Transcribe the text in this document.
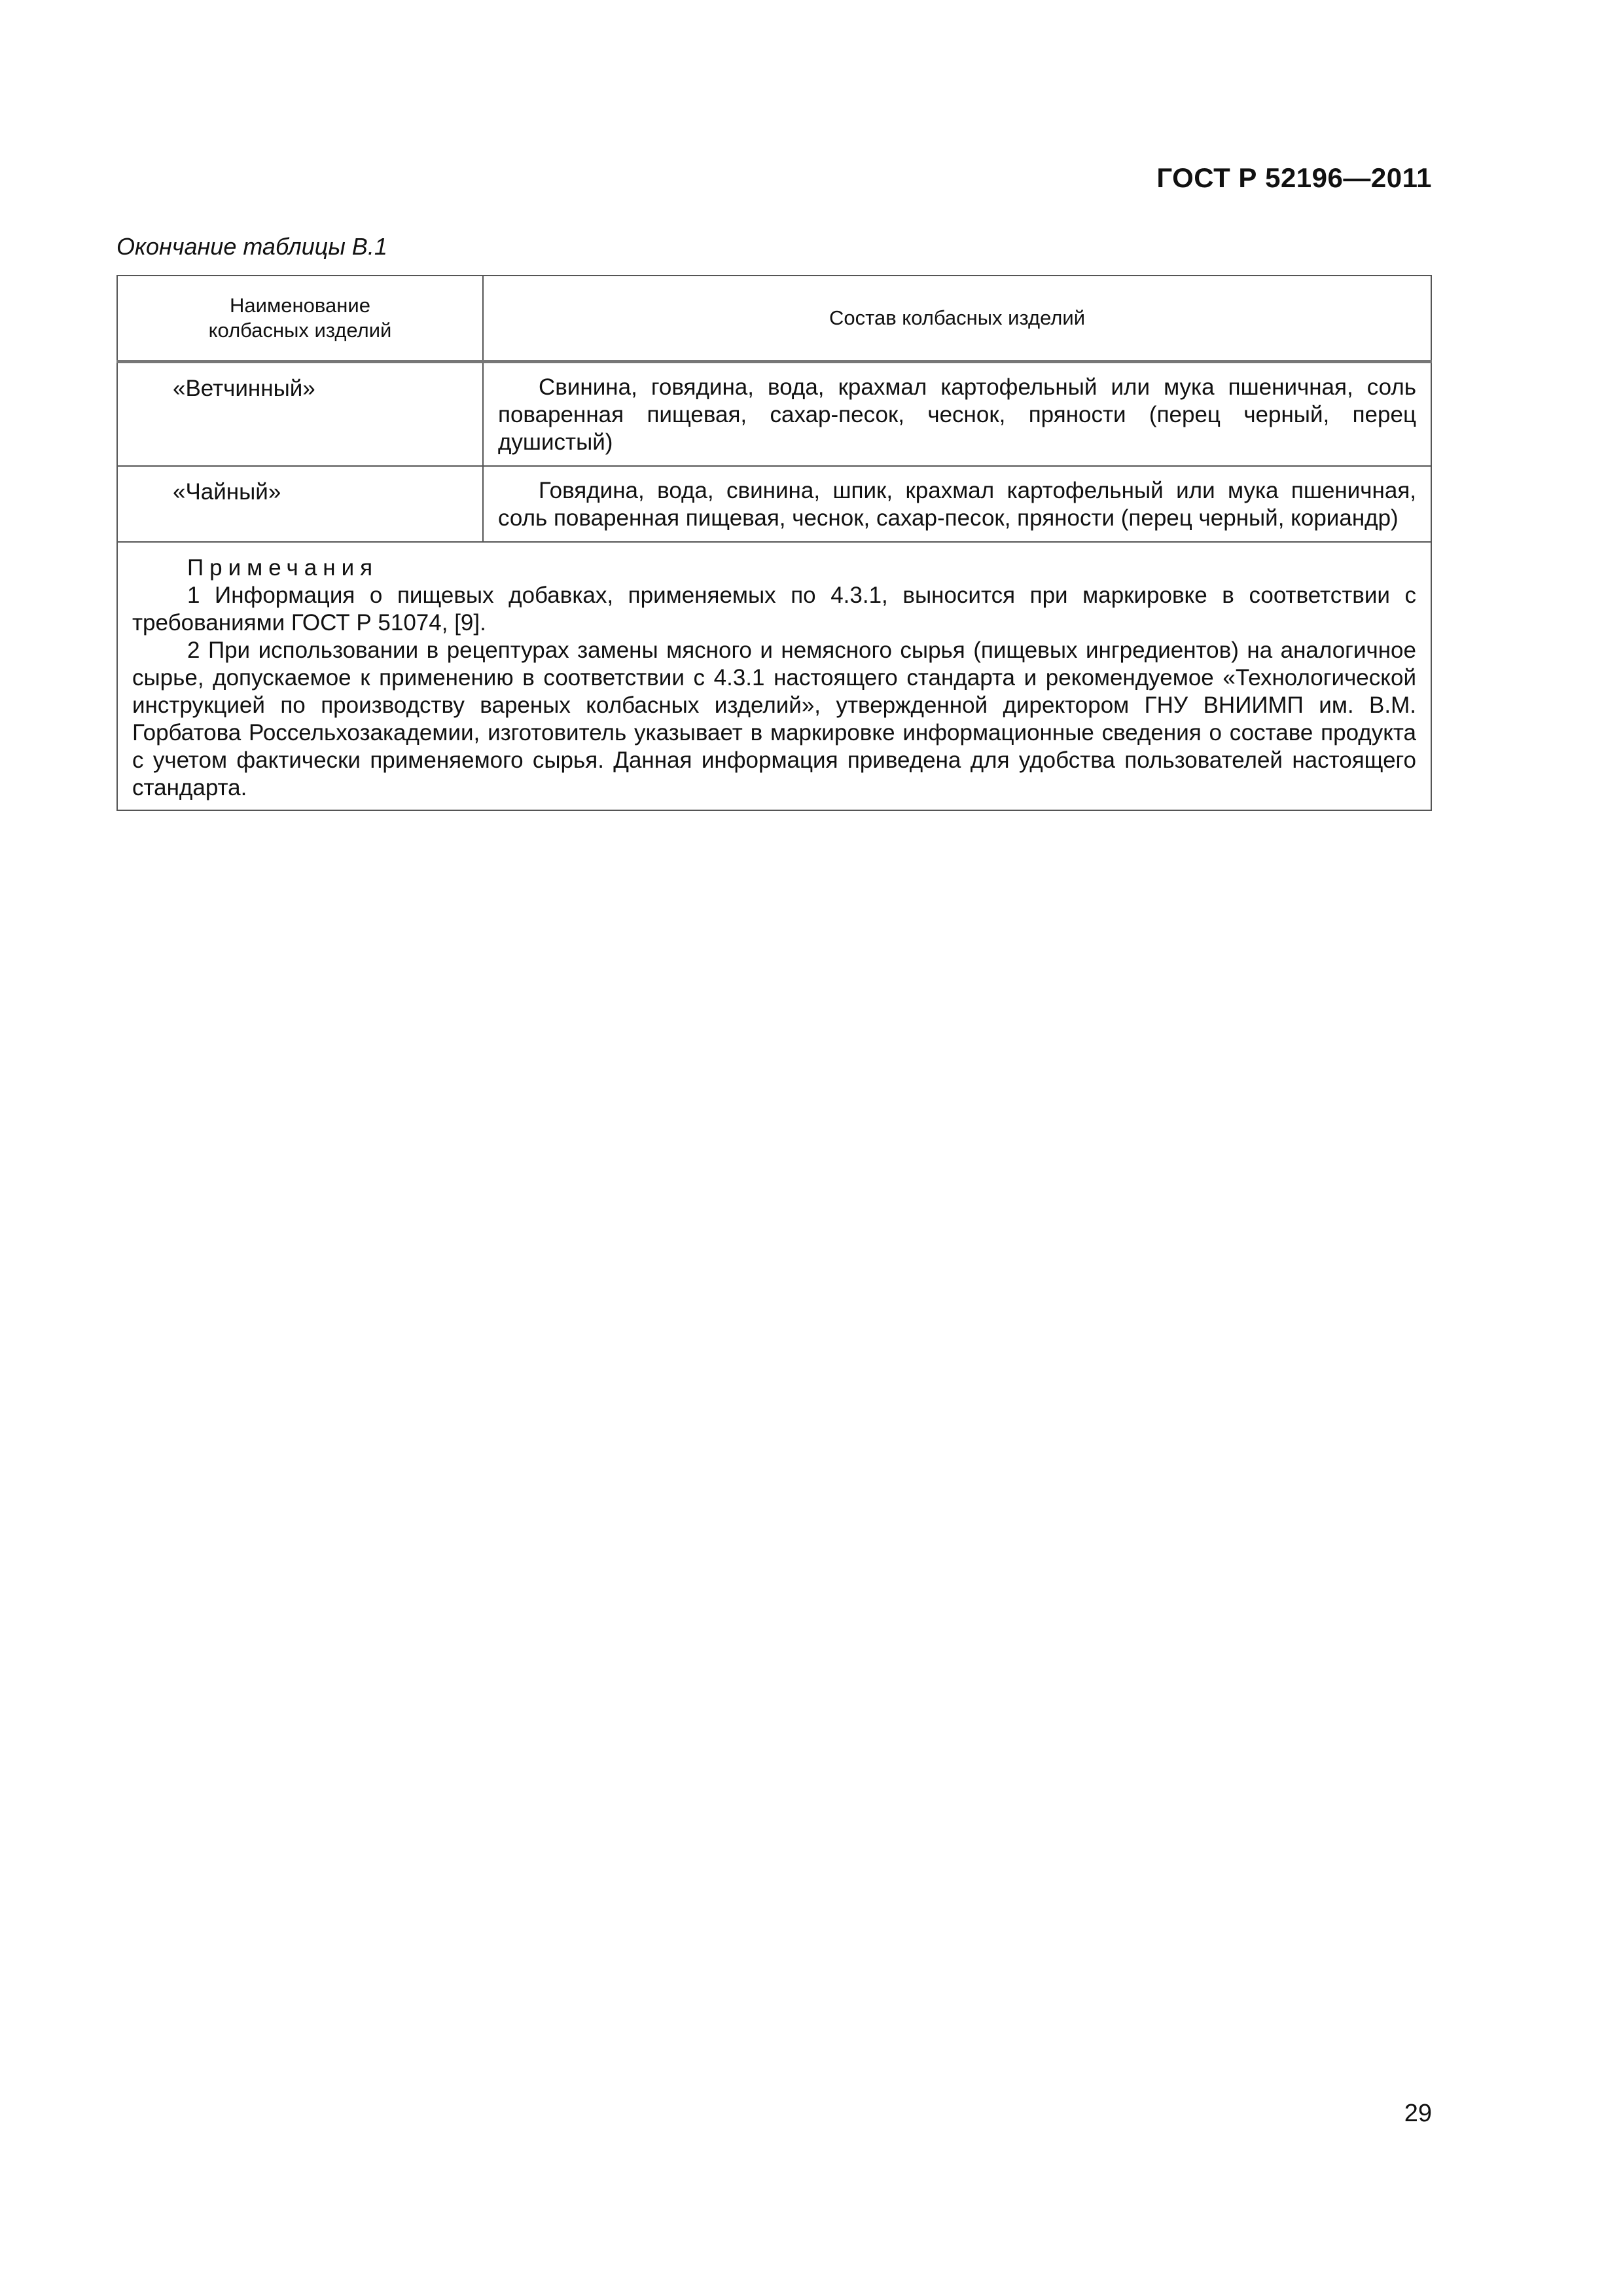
ГОСТ Р 52196—2011
Окончание таблицы В.1
Наименование колбасных изделий	Состав колбасных изделий
«Ветчинный»	Свинина, говядина, вода, крахмал картофельный или мука пшеничная, соль поваренная пищевая, сахар-песок, чеснок, пряности (перец черный, перец душистый)
«Чайный»	Говядина, вода, свинина, шпик, крахмал картофельный или мука пшеничная, соль поваренная пищевая, чеснок, сахар-песок, пряности (перец черный, кориандр)

Примечания
1 Информация о пищевых добавках, применяемых по 4.3.1, выносится при маркировке в соответствии с требованиями ГОСТ Р 51074, [9].
2 При использовании в рецептурах замены мясного и немясного сырья (пищевых ингредиентов) на аналогичное сырье, допускаемое к применению в соответствии с 4.3.1 настоящего стандарта и рекомендуемое «Технологической инструкцией по производству вареных колбасных изделий», утвержденной директором ГНУ ВНИИМП им. В.М. Горбатова Россельхозакадемии, изготовитель указывает в маркировке информационные сведения о составе продукта с учетом фактически применяемого сырья. Данная информация приведена для удобства пользователей настоящего стандарта.	
29
